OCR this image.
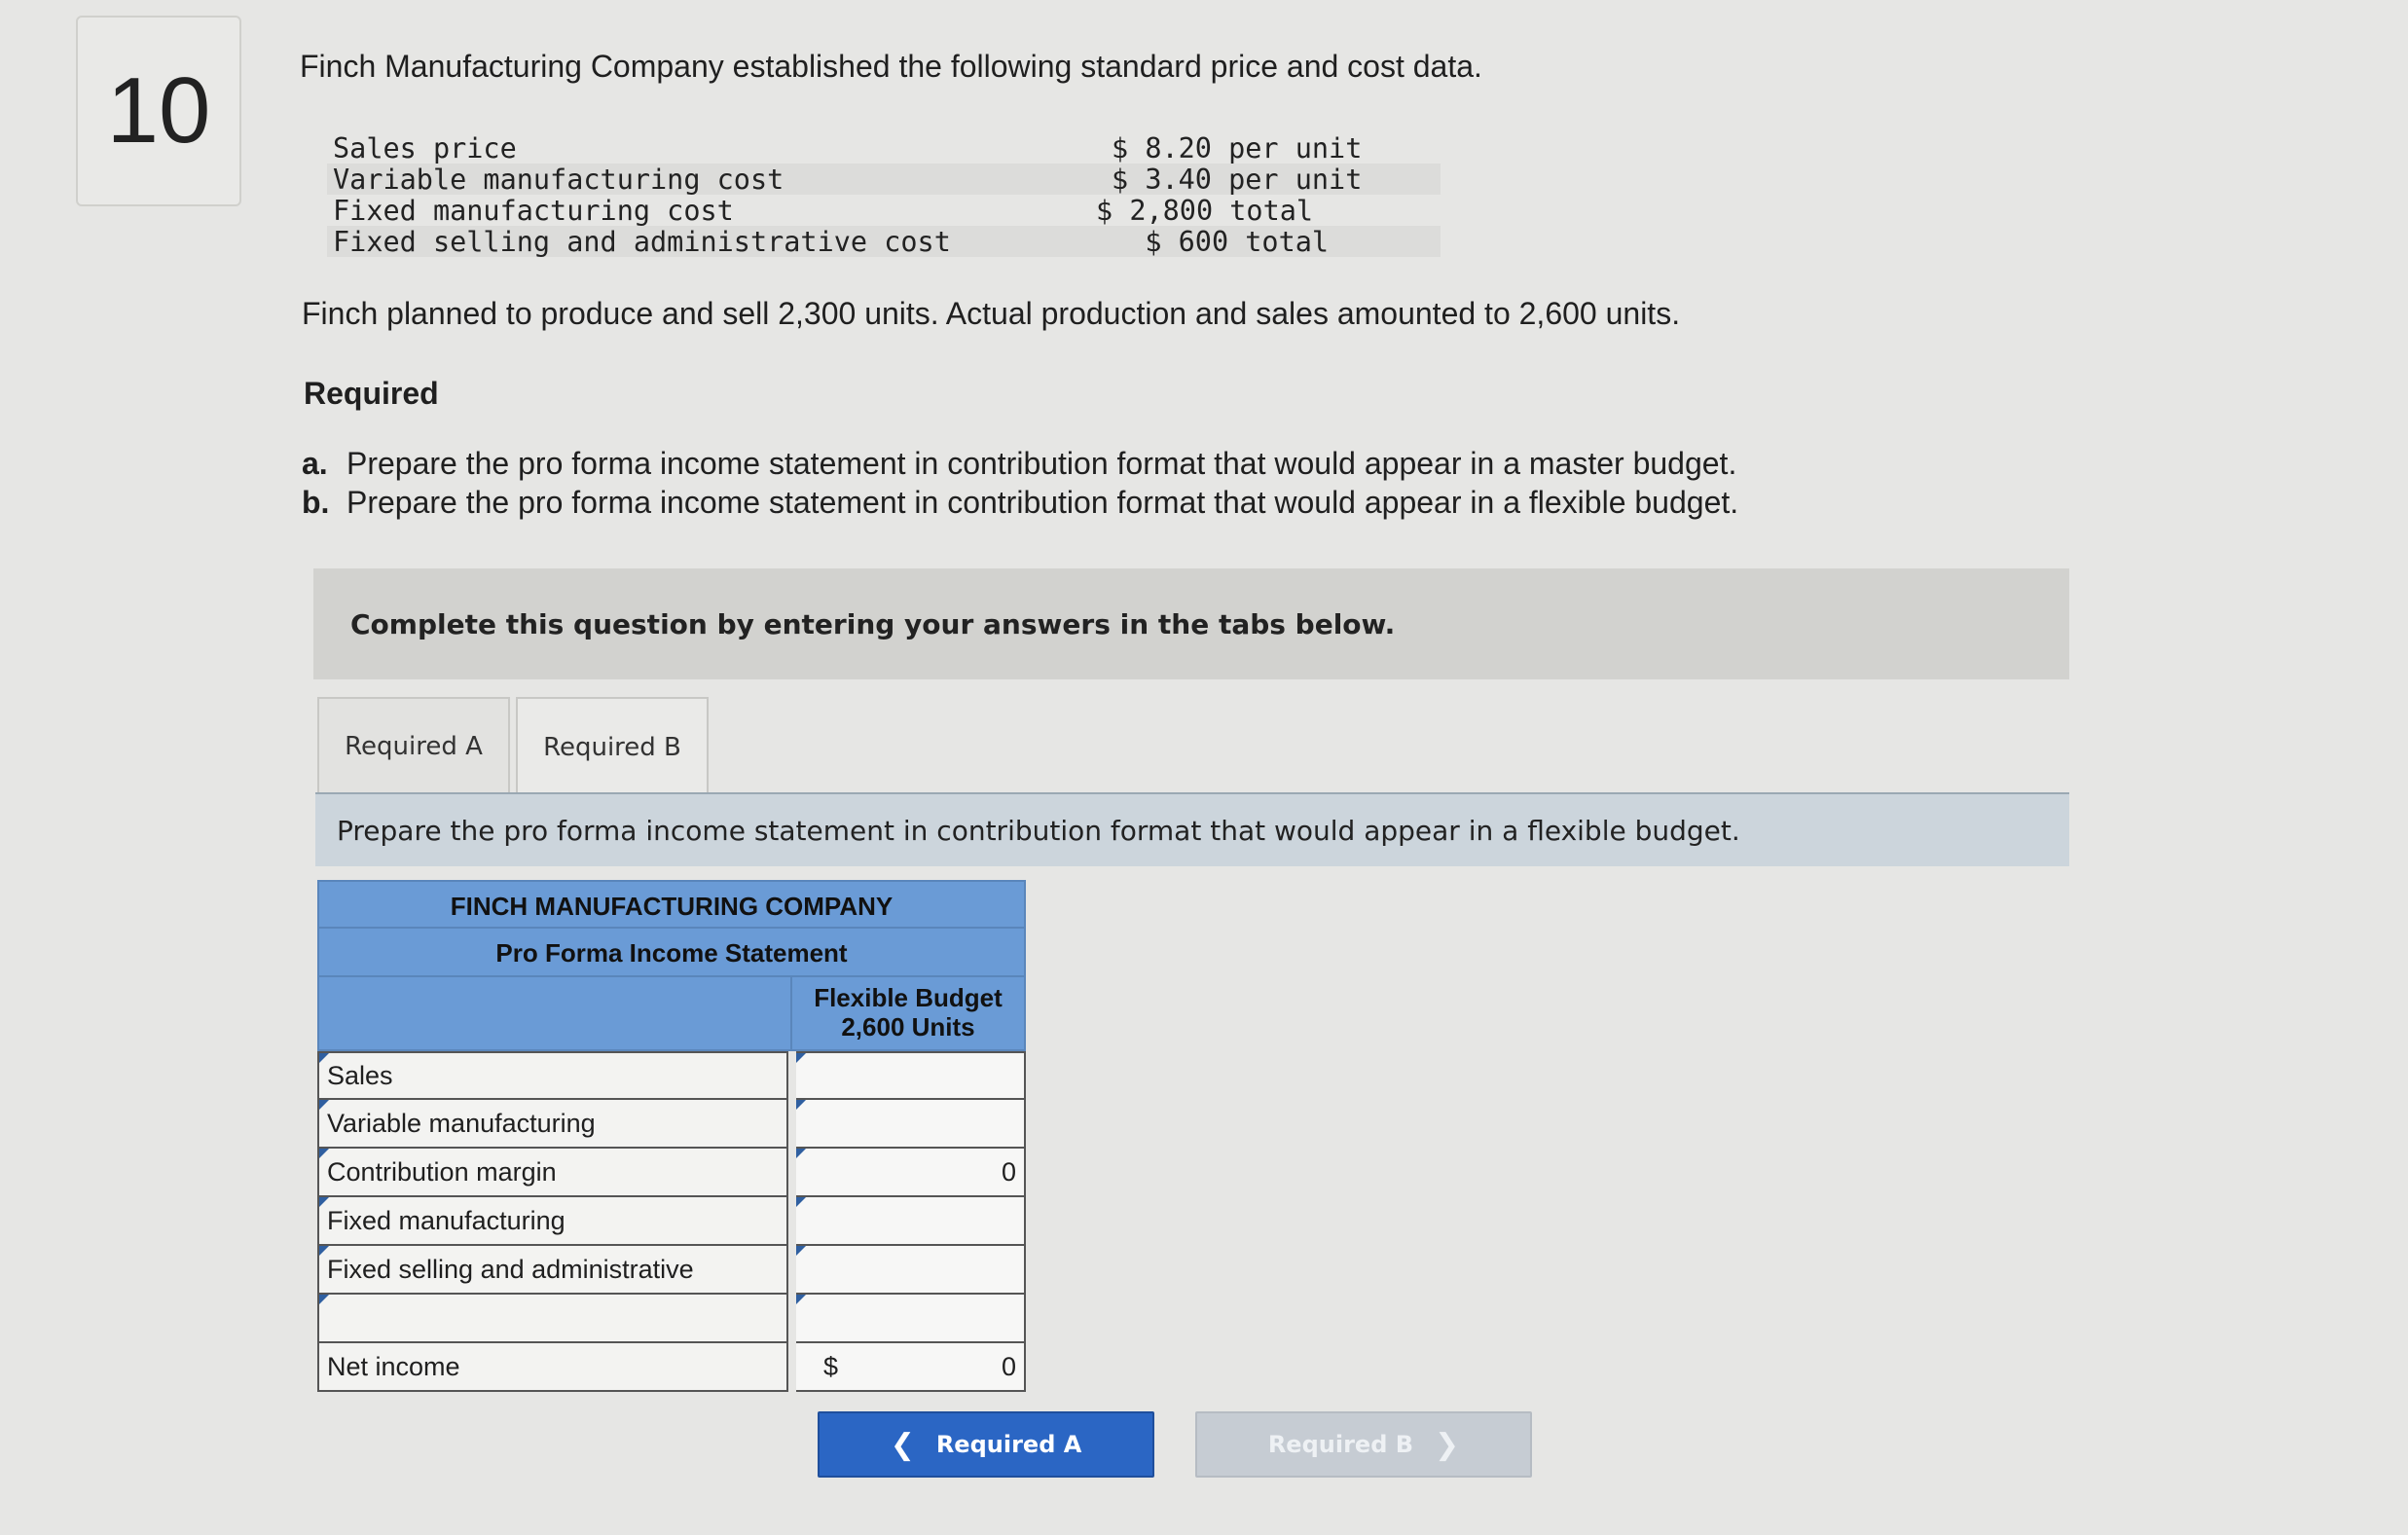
10	Finch Manufacturing Company established the following standard price and cost data.
Sales price	$ 8.20 per unit
Variable manufacturing cost	$ 3.40 per unit
Fixed manufacturing cost	$ 2,800 total
Fixed selling and administrative cost	$ 600 total
Finch planned to produce and sell 2,300 units. Actual production and sales amounted to 2,600 units.
Required
a. Prepare the pro forma income statement in contribution format that would appear in a master budget.
b. Prepare the pro forma income statement in contribution format that would appear in a flexible budget.
Complete this question by entering your answers in the tabs below.
Required A	Required B
Prepare the pro forma income statement in contribution format that would appear in a flexible budget.
FINCH MANUFACTURING COMPANY
Pro Forma Income Statement
Flexible Budget
2,600 Units
Sales
Variable manufacturing
Contribution margin	0
Fixed manufacturing
Fixed selling and administrative
Net income	$	0
❮ Required A	Required B ❯
